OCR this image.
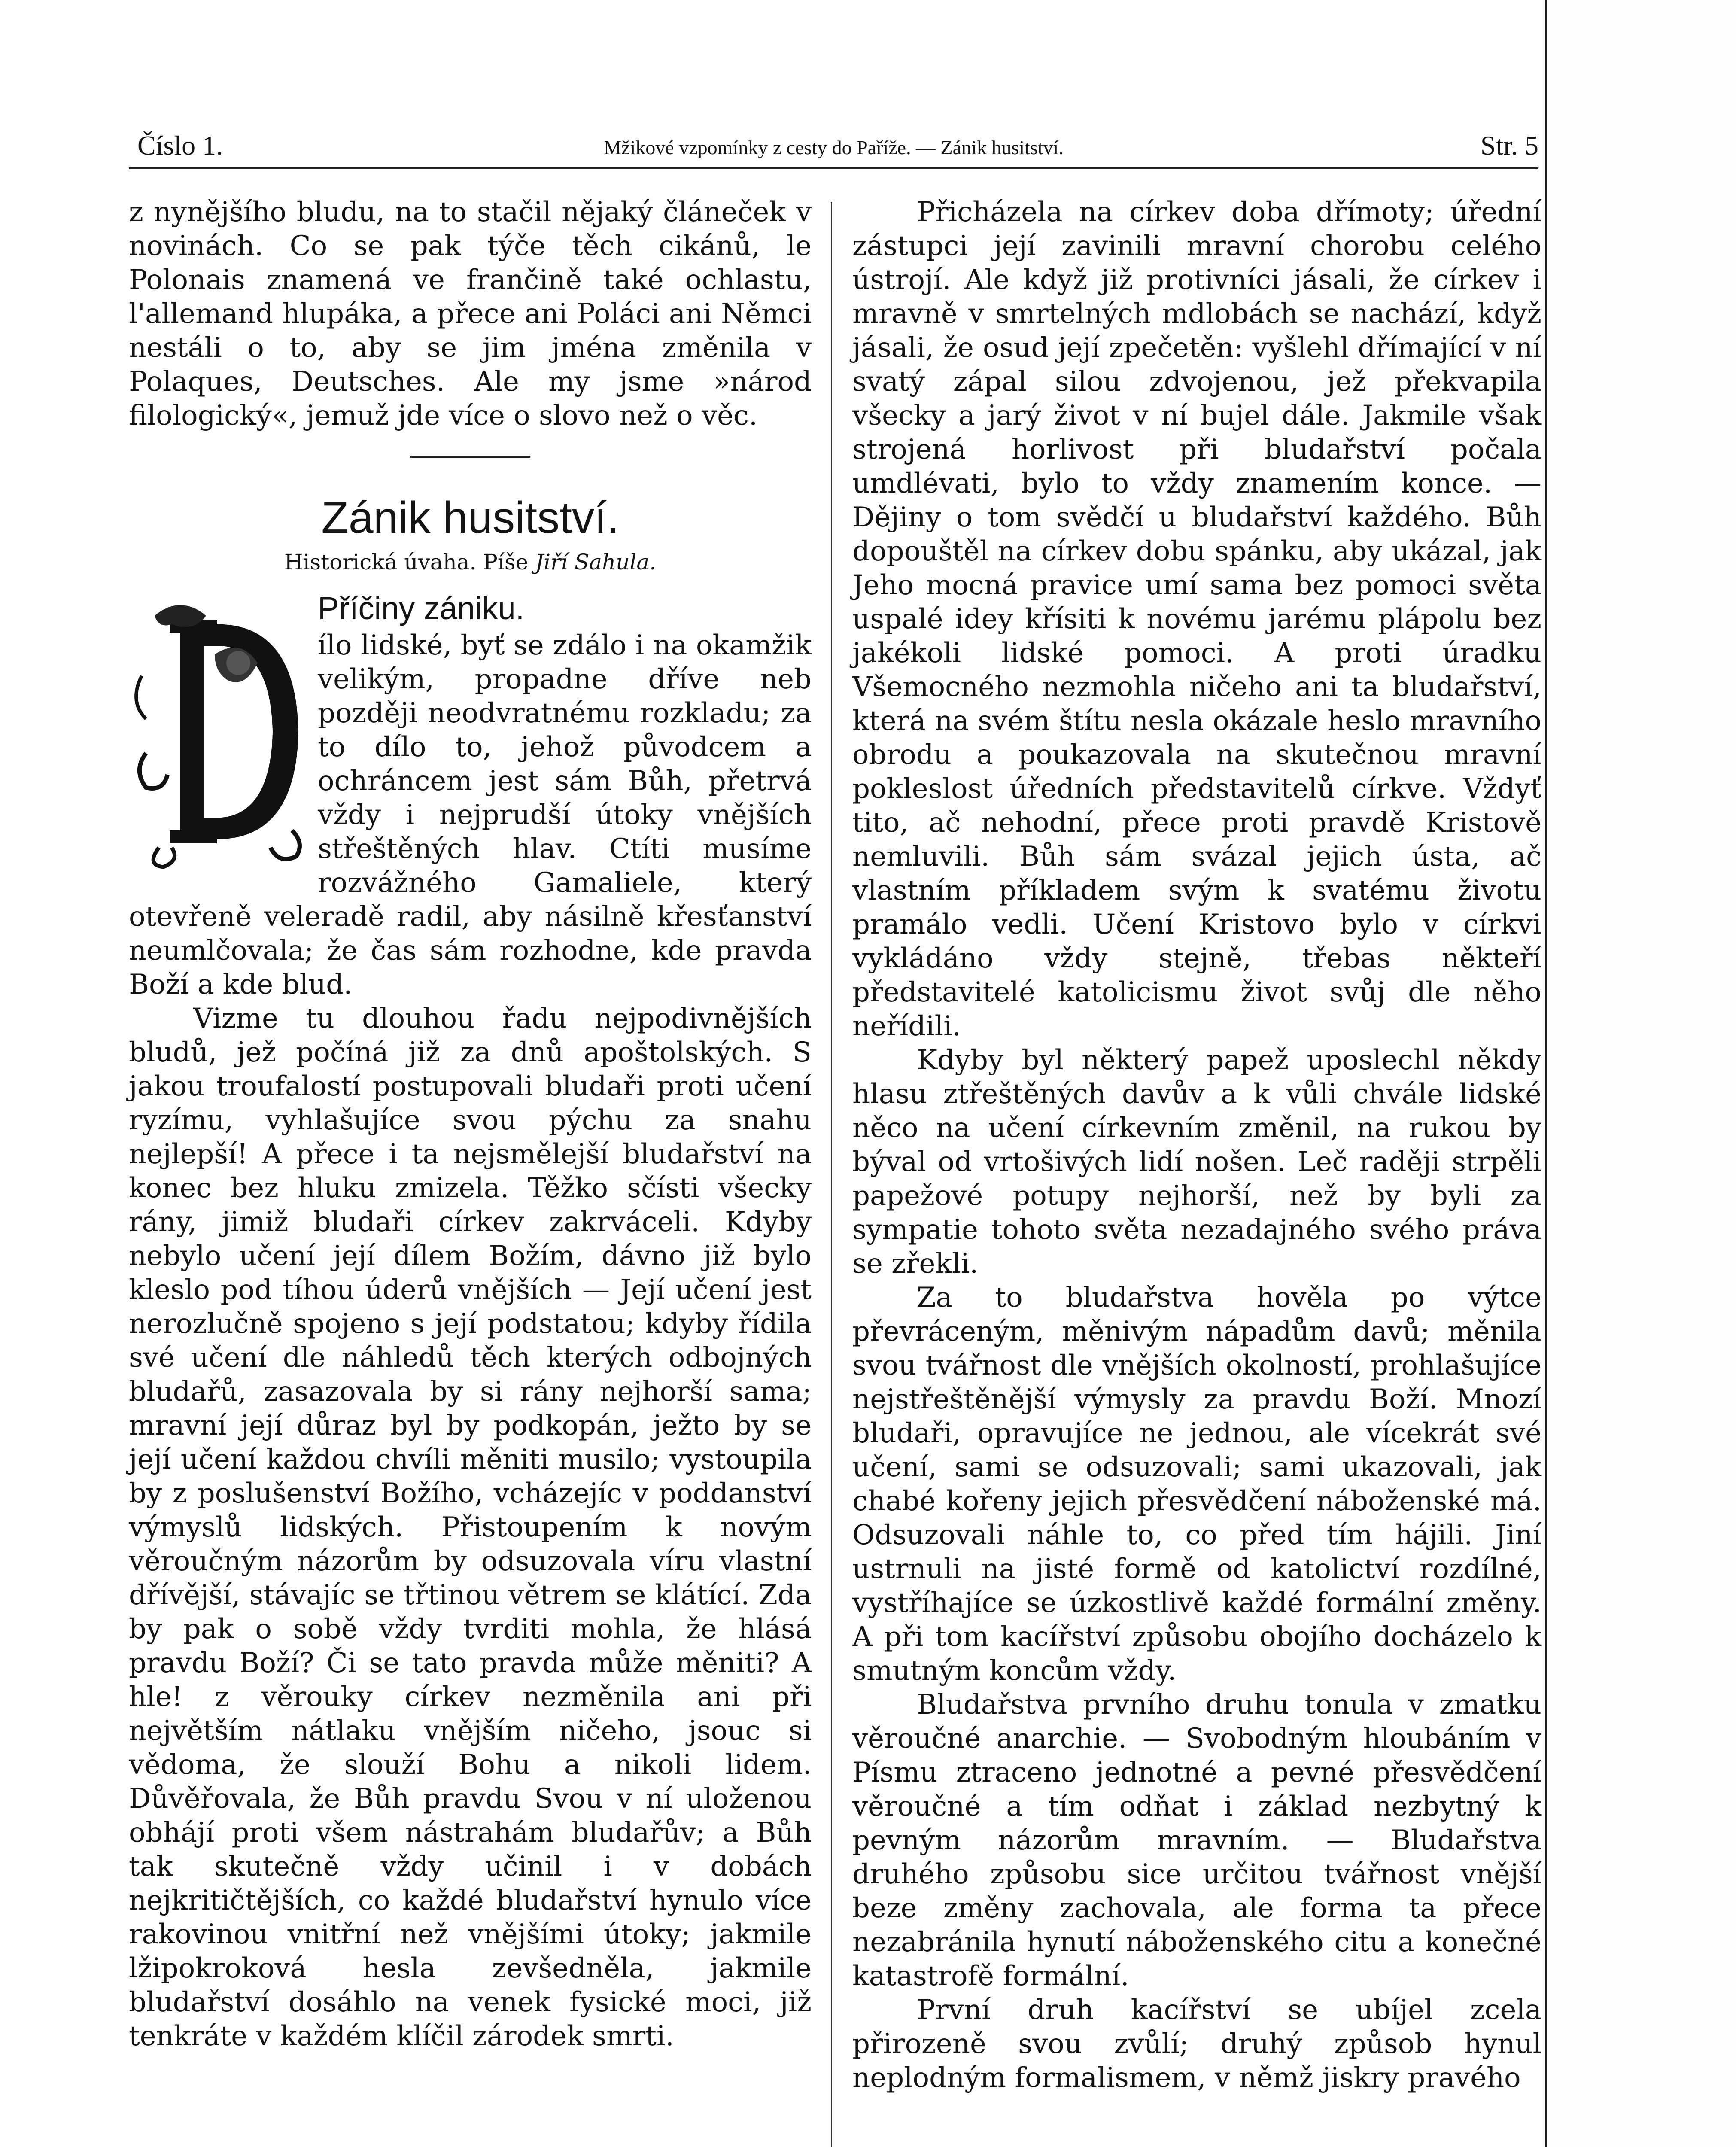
Číslo 1.	Mžikové vzpomínky z cesty do Paříže. — Zánik husitství.	Str. 5

z nynějšího bludu, na to stačil nějaký článeček v novinách. Co se pak týče těch cikánů, le Polonais znamená ve frančině také ochlastu, l'allemand hlupáka, a přece ani Poláci ani Němci nestáli o to, aby se jim jména změnila v Polaques, Deutsches. Ale my jsme »národ filologický«, jemuž jde více o slovo než o věc.

Zánik husitství.
Historická úvaha. Píše Jiří Sahula.
Příčiny zániku.

ílo lidské, byť se zdálo i na okamžik velikým, propadne dříve neb později neodvratnému rozkladu; za to dílo to, jehož původcem a ochráncem jest sám Bůh, přetrvá vždy i nejprudší útoky vnějších střeštěných hlav. Ctíti musíme rozvážného Gamaliele, který otevřeně veleradě radil, aby násilně křesťanství neumlčovala; že čas sám rozhodne, kde pravda Boží a kde blud.

Vizme tu dlouhou řadu nejpodivnějších bludů, jež počíná již za dnů apoštolských. S jakou troufalostí postupovali bludaři proti učení ryzímu, vyhlašujíce svou pýchu za snahu nejlepší! A přece i ta nejsmělejší bludařství na konec bez hluku zmizela. Těžko sčísti všecky rány, jimiž bludaři církev zakrváceli. Kdyby nebylo učení její dílem Božím, dávno již bylo kleslo pod tíhou úderů vnějších — Její učení jest nerozlučně spojeno s její podstatou; kdyby řídila své učení dle náhledů těch kterých odbojných bludařů, zasazovala by si rány nejhorší sama; mravní její důraz byl by podkopán, ježto by se její učení každou chvíli měniti musilo; vystoupila by z poslušenství Božího, vcházejíc v poddanství výmyslů lidských. Přistoupením k novým věroučným názorům by odsuzovala víru vlastní dřívější, stávajíc se třtinou větrem se klátící. Zda by pak o sobě vždy tvrditi mohla, že hlásá pravdu Boží? Či se tato pravda může měniti? A hle! z věrouky církev nezměnila ani při největším nátlaku vnějším ničeho, jsouc si vědoma, že slouží Bohu a nikoli lidem. Důvěřovala, že Bůh pravdu Svou v ní uloženou obhájí proti všem nástrahám bludařův; a Bůh tak skutečně vždy učinil i v dobách nejkritičtějších, co každé bludařství hynulo více rakovinou vnitřní než vnějšími útoky; jakmile lžipokroková hesla zevšedněla, jakmile bludařství dosáhlo na venek fysické moci, již tenkráte v každém klíčil zárodek smrti.

Přicházela na církev doba dřímoty; úřední zástupci její zavinili mravní chorobu celého ústrojí. Ale když již protivníci jásali, že církev i mravně v smrtelných mdlobách se nachází, když jásali, že osud její zpečetěn: vyšlehl dřímající v ní svatý zápal silou zdvojenou, jež překvapila všecky a jarý život v ní bujel dále. Jakmile však strojená horlivost při bludařství počala umdlévati, bylo to vždy znamením konce. — Dějiny o tom svědčí u bludařství každého. Bůh dopouštěl na církev dobu spánku, aby ukázal, jak Jeho mocná pravice umí sama bez pomoci světa uspalé idey křísiti k novému jarému plápolu bez jakékoli lidské pomoci. A proti úradku Všemocného nezmohla ničeho ani ta bludařství, která na svém štítu nesla okázale heslo mravního obrodu a poukazovala na skutečnou mravní pokleslost úředních představitelů církve. Vždyť tito, ač nehodní, přece proti pravdě Kristově nemluvili. Bůh sám svázal jejich ústa, ač vlastním příkladem svým k svatému životu pramálo vedli. Učení Kristovo bylo v církvi vykládáno vždy stejně, třebas někteří představitelé katolicismu život svůj dle něho neřídili.

Kdyby byl některý papež uposlechl někdy hlasu ztřeštěných davův a k vůli chvále lidské něco na učení církevním změnil, na rukou by býval od vrtošivých lidí nošen. Leč raději strpěli papežové potupy nejhorší, než by byli za sympatie tohoto světa nezadajného svého práva se zřekli.

Za to bludařstva hověla po výtce převráceným, měnivým nápadům davů; měnila svou tvářnost dle vnějších okolností, prohlašujíce nejstřeštěnější výmysly za pravdu Boží. Mnozí bludaři, opravujíce ne jednou, ale vícekrát své učení, sami se odsuzovali; sami ukazovali, jak chabé kořeny jejich přesvědčení náboženské má. Odsuzovali náhle to, co před tím hájili. Jiní ustrnuli na jisté formě od katolictví rozdílné, vystříhajíce se úzkostlivě každé formální změny. A při tom kacířství způsobu obojího docházelo k smutným koncům vždy.

Bludařstva prvního druhu tonula v zmatku věroučné anarchie. — Svobodným hloubáním v Písmu ztraceno jednotné a pevné přesvědčení věroučné a tím odňat i základ nezbytný k pevným názorům mravním. — Bludařstva druhého způsobu sice určitou tvářnost vnější beze změny zachovala, ale forma ta přece nezabránila hynutí náboženského citu a konečné katastrofě formální.

První druh kacířství se ubíjel zcela přirozeně svou zvůlí; druhý způsob hynul neplodným formalismem, v němž jiskry pravého
